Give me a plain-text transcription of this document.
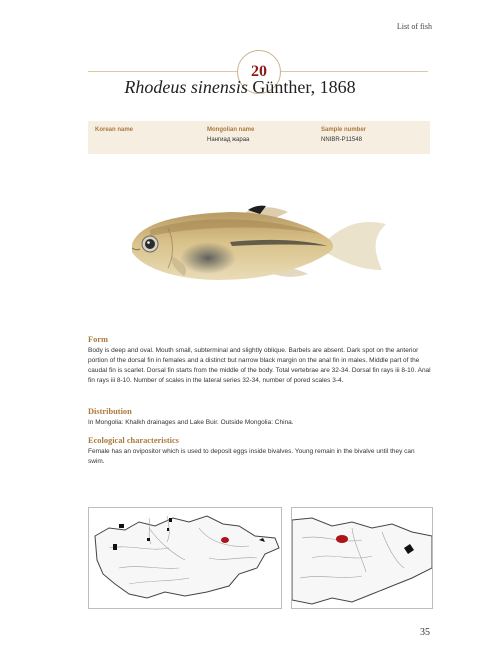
List of fish
20
Rhodeus sinensis Günther, 1868
Korean name	Mongolian name
Нангиад жараа
Sample number
NNIBR-P11548

Form

Body is deep and oval. Mouth small, subterminal and slightly oblique. Barbels are absent. Dark spot on the anterior portion of the dorsal fin in females and a distinct but narrow black margin on the anal fin in males. Middle part of the caudal fin is scarlet. Dorsal fin starts from the middle of the body. Total vertebrae are 32-34. Dorsal fin rays iii 8-10. Anal fin rays iii 8-10. Number of scales in the lateral series 32-34, number of pored scales 3-4.

Distribution

In Mongolia: Khalkh drainages and Lake Buir. Outside Mongolia: China.

Ecological characteristics

Female has an ovipositor which is used to deposit eggs inside bivalves. Young remain in the bivalve until they can swim.

35
